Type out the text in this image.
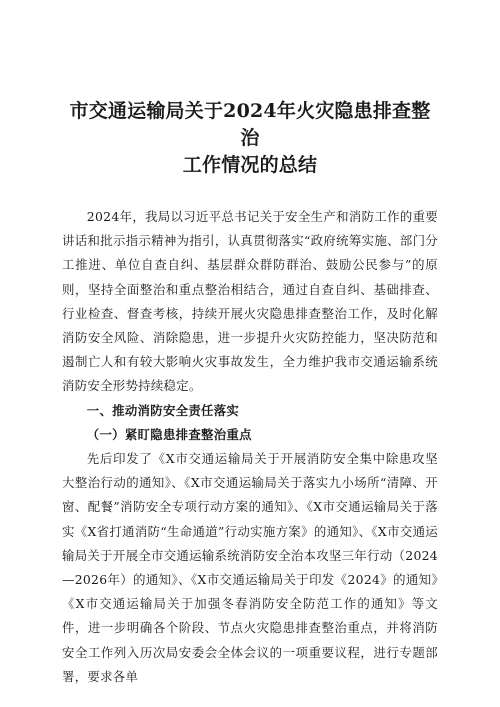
市交通运输局关于2024年火灾隐患排查整治
工作情况的总结

2024年，我局以习近平总书记关于安全生产和消防工作的重要讲话和批示指示精神为指引，认真贯彻落实“政府统筹实施、部门分工推进、单位自查自纠、基层群众群防群治、鼓励公民参与”的原则，坚持全面整治和重点整治相结合，通过自查自纠、基础排查、行业检查、督查考核，持续开展火灾隐患排查整治工作，及时化解消防安全风险、消除隐患，进一步提升火灾防控能力，坚决防范和遏制亡人和有较大影响火灾事故发生，全力维护我市交通运输系统消防安全形势持续稳定。

一、推动消防安全责任落实

（一）紧盯隐患排查整治重点

先后印发了《X市交通运输局关于开展消防安全集中除患攻坚大整治行动的通知》、《X市交通运输局关于落实九小场所“清障、开窗、配餐”消防安全专项行动方案的通知》、《X市交通运输局关于落实《X省打通消防“生命通道”行动实施方案》的通知》、《X市交通运输局关于开展全市交通运输系统消防安全治本攻坚三年行动（2024—2026年）的通知》、《X市交通运输局关于印发《2024》的通知》《X市交通运输局关于加强冬春消防安全防范工作的通知》等文件，进一步明确各个阶段、节点火灾隐患排查整治重点，并将消防安全工作列入历次局安委会全体会议的一项重要议程，进行专题部署，要求各单
